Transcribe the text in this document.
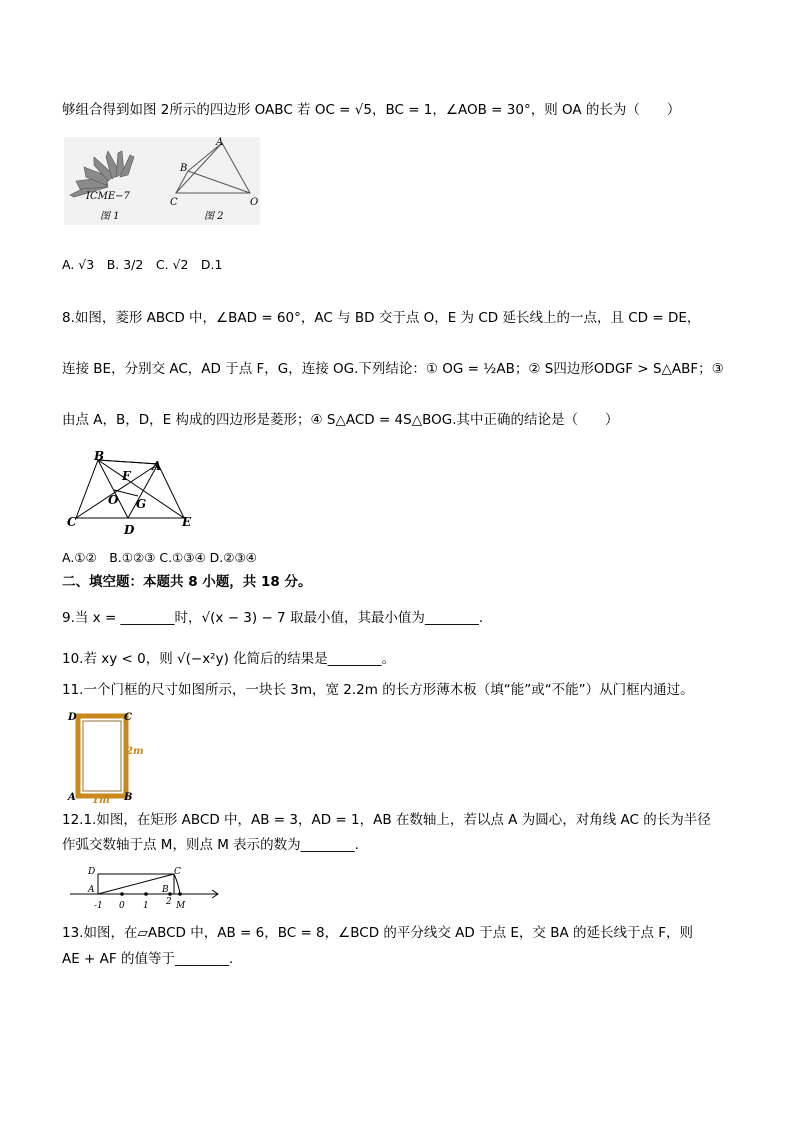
够组合得到如图 2所示的四边形 OABC 若 OC = √5，BC = 1，∠AOB = 30°，则 OA 的长为（　　）
ICME−7
图 1
A
B
C	O
图 2
A. √3　B. 3/2　C. √2　D.1
8.如图，菱形 ABCD 中，∠BAD = 60°，AC 与 BD 交于点 O，E 为 CD 延长线上的一点，且 CD = DE，
连接 BE，分别交 AC，AD 于点 F，G，连接 OG.下列结论：① OG = ½AB；② S四边形ODGF > S△ABF；③
由点 A，B，D，E 构成的四边形是菱形；④ S△ACD = 4S△BOG.其中正确的结论是（　　）
B
F
A
O G
C
D
E
A.①②　B.①②③ C.①③④ D.②③④
二、填空题：本题共 8 小题，共 18 分。
9.当 x = ________时，√(x − 3) − 7 取最小值，其最小值为________.
10.若 xy < 0，则 √(−x²y) 化简后的结果是________。
11.一个门框的尺寸如图所示，一块长 3m，宽 2.2m 的长方形薄木板（填“能”或“不能”）从门框内通过。
D	C
A	B
2m
1m
12.1.如图，在矩形 ABCD 中，AB = 3，AD = 1，AB 在数轴上，若以点 A 为圆心，对角线 AC 的长为半径
作弧交数轴于点 M，则点 M 表示的数为________.
D	C
A	B
M
-1 0 1 2
13.如图，在▱ABCD 中，AB = 6，BC = 8，∠BCD 的平分线交 AD 于点 E，交 BA 的延长线于点 F，则
AE + AF 的值等于________.
